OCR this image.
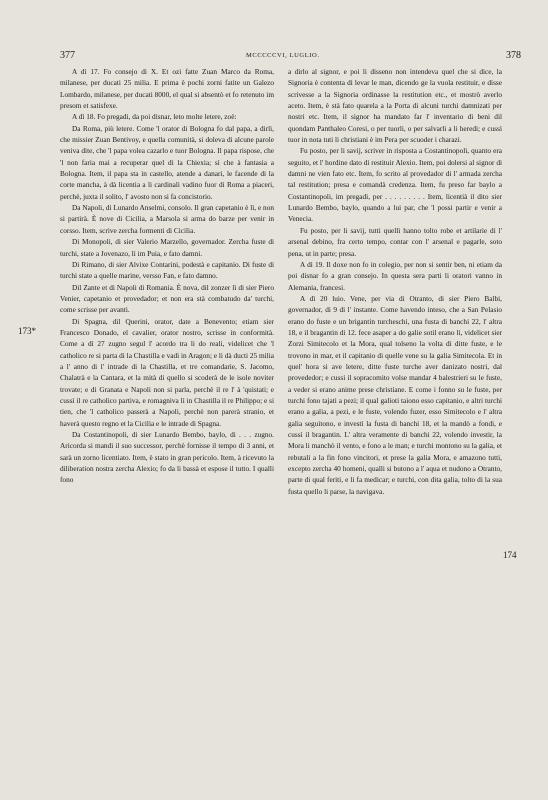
377	MCCCCCVI, LUGLIO.	378
173*
174

A dì 17. Fo consejo di X. Et ozi fatte Zuan Marco da Roma, milanese, per ducati 25 milia. E prima è pochi zorni fatite un Galezo Lombardo, milanese, per ducati 8000, el qual si absentò et fo retenuto im presom et satisfexe.

A dì 18. Fo pregadi, da poi disnar, leto molte letere, zoè:

Da Roma, più letere. Come 'l orator di Bologna fo dal papa, a dirli, che missier Zuan Bentivoy, e quella comunità, si doleva di alcune parole veniva dite, che 'l papa volea cazarlo e tuor Bologna. Il papa rispose, che 'l non faria mai a recuperar quel di la Chiexia; sì che à fantasia a Bologna. Item, il papa sta in castello, atende a danari, le facende di la corte mancha, à dà licentia a li cardinali vadino fuor di Roma a piaceri, perchè, juxta il solito, l' avosto non si fa concistorio.

Da Napoli, di Lunardo Anselmi, consolo. Il gran capetanio è lì, e non si partirà. È nove di Cicilia, a Marsola si arma do barze per venir in corsso. Item, scrive zercha formenti di Cicilia.

Di Monopoli, di sier Valerio Marzello, governador. Zercha fuste di turchi, state a Jovenazo, lì im Puia, e fato damni.

Di Rimano, di sier Alvixe Contarini, podestà e capitanio. Di fuste di turchi state a quelle marine, versso Fan, e fato damno.

Dil Zante et di Napoli di Romania. È nova, dil zonzer lì di sier Piero Venier, capetanio et provedador; et non era stà combatudo da' turchi, come scrisse per avanti.

Di Spagna, dil Querini, orator, date a Benevento; etiam sier Francesco Donado, el cavalier, orator nostro, scrisse in conformità. Come a dì 27 zugno segul l' acordo tra li do reali, videlicet che 'l catholico re si parta di la Chastilla e vadi in Aragon; e li dà ducti 25 milia a l' anno di l' intrade di la Chastilla, et tre comandarie, S. Jacomo, Chalatrà e la Cantara, et la mità di quello si scoderà de le isole noviter trovate; e di Granata e Napoli non si parla, perchè il re l' à 'quistati; e cussì il re catholico partiva, e romagniva lì in Chastilla il re Philippo; e si tien, che 'l catholico passerà a Napoli, perchè non parerà stranio, et haverà questo regno et la Cicilia e le intrade di Spagna.

Da Costantinopoli, di sier Lunardo Bembo, baylo, di . . . zugno. Aricorda si mandi il suo successor, perchè fornisse il tempo di 3 anni, et sarà un zorno licentiato. Item, è stato in gran pericolo. Item, à ricevuto la diliberation nostra zercha Alexio; fo da li bassà et espose il tutto. I qualli fono

a dirlo al signor, e poi li disseno non intendeva quel che si dice, la Signoria è contenta di levar le man, dicendo ge la vuola restituir, e disse scrivesse a la Signoria ordinasse la restitution etc., et mostrò averlo aceto. Item, è stà fato quarela a la Porta di alcuni turchi damnizati per nostri etc. Item, il signor ha mandato far l' inventario di beni dil quondam Panthaleo Coresi, o per tuorli, o per salvarli a li heredi; e cussì tuor in nota tuti li christiani è im Pera per scuoder i charazi.

Fu posto, per li savij, scriver in risposta a Costantinopoli, quanto era seguito, et l' hordine dato di restituir Alexio. Item, poi dolersi al signor di damni ne vien fato etc. Item, fo scrito al provedador di l' armada zercha tal restitution; presa e comandà credenza. Item, fu preso far baylo a Costantinopoli, im pregadi, per . . . . . . . . . Item, licentià il dito sier Lunardo Bembo, baylo, quando a lui par, che 'l possi partir e venir a Venecia.

Fu posto, per li savij, tutti quelli hanno tolto robe et artilarie di l' arsenal debino, fra certo tempo, contar con l' arsenal e pagarle, soto pena, ut in parte; presa.

A dì 19. Il doxe non fo in colegio, per non si sentir ben, ni etiam da poi disnar fo a gran consejo. In questa sera parti li oratori vanno in Alemania, francesi.

A dì 20 luio. Vene, per via di Otranto, di sier Piero Balbi, governador, di 9 di l' instante. Come havendo inteso, che a San Pelasio erano do fuste e un brigantin turcheschi, una fusta di banchi 22, l' altra 18, e il bragantin di 12. fece asaper a do galie sotil erano lì, videlicet sier Zorzi Simitecolo et la Mora, qual tolseno la volta di ditte fuste, e le trovono in mar, et il capitanio di quelle vene su la galia Simitecola. Et in quel' hora si ave letere, ditte fuste turche aver danizato nostri, dal provededor; e cussi il sopracomito volse mandar 4 balestrieri su le fuste, a veder si erano anime prese christiane. E come i fonno su le fuste, per turchi fono tajati a pezi; il qual galioti taiono esso capitanio, e altri turchi erano a galia, a pezi, e le fuste, volendo fuzer, esso Simitecolo e l' altra galia seguitono, e investì la fusta di banchi 18, et la mandò a fondi, e cussì il bragantin. L' altra veramente di banchi 22, volendo investir, la Mora li manchò il vento, e fono a le man; e turchi montono su la galia, et rebutali a la fin fono vincitori, et prese la galia Mora, e amazono tutti, excepto zercha 40 homeni, qualli si butono a l' aqua et nudono a Otranto, parte di qual feriti, e li fa medicar; e turchi, con dita galia, tolto di la sua fusta quello li parse, la navigava.
